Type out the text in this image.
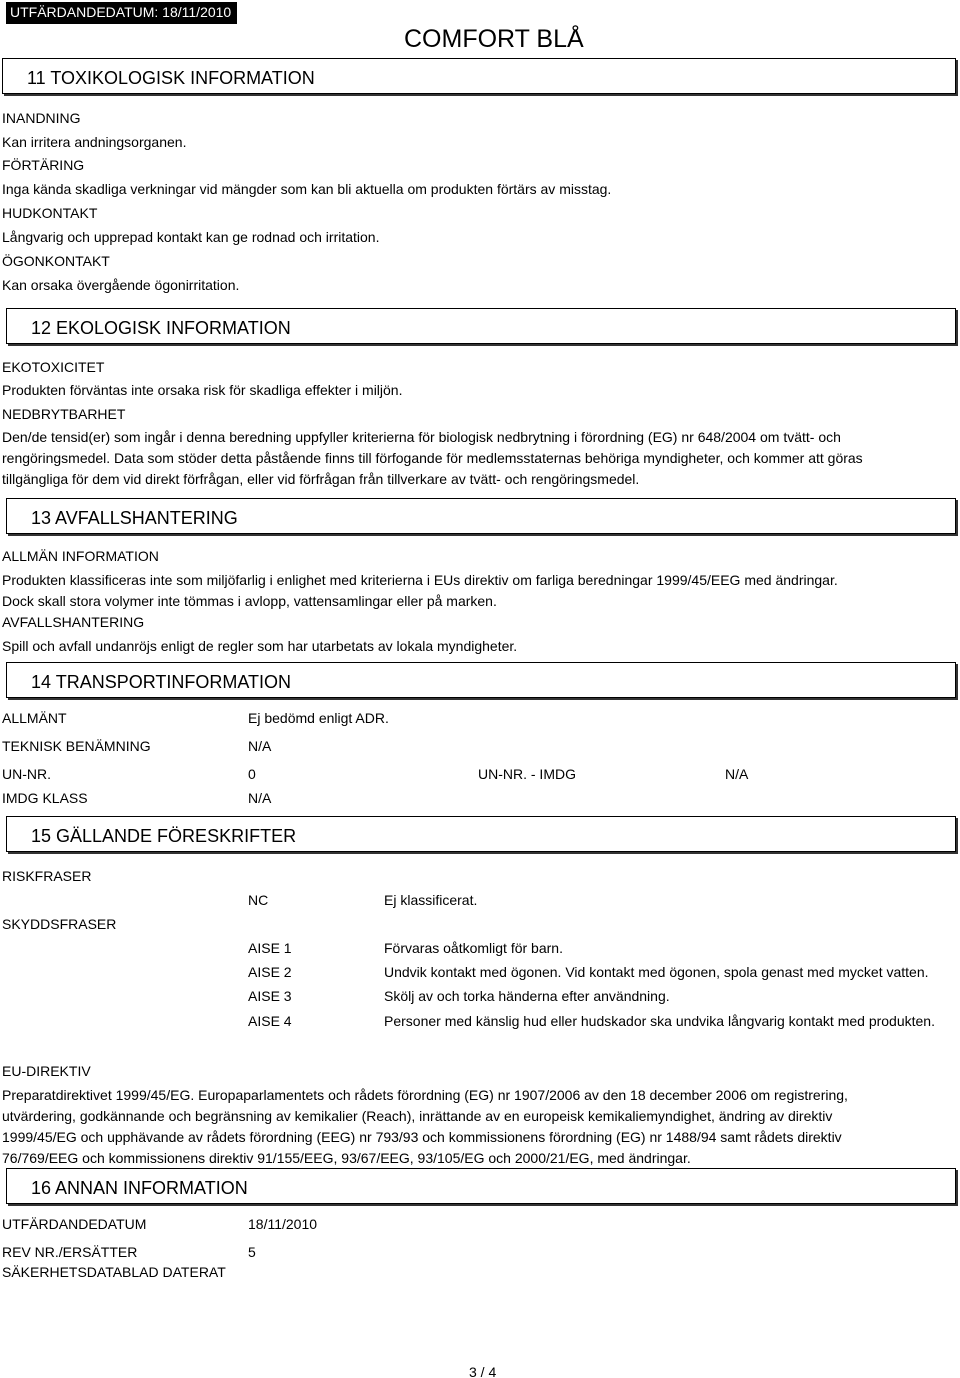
UTFÄRDANDEDATUM: 18/11/2010
COMFORT BLÅ
11 TOXIKOLOGISK INFORMATION
INANDNING
Kan irritera andningsorganen.
FÖRTÄRING
Inga kända skadliga verkningar vid mängder som kan bli aktuella om produkten förtärs av misstag.
HUDKONTAKT
Långvarig och upprepad kontakt kan ge rodnad och irritation.
ÖGONKONTAKT
Kan orsaka övergående ögonirritation.
12 EKOLOGISK INFORMATION
EKOTOXICITET
Produkten förväntas inte orsaka risk för skadliga effekter i miljön.
NEDBRYTBARHET
Den/de tensid(er) som ingår i denna beredning uppfyller kriterierna för biologisk nedbrytning i förordning (EG) nr 648/2004 om tvätt- och rengöringsmedel. Data som stöder detta påstående finns till förfogande för medlemsstaternas behöriga myndigheter, och kommer att göras tillgängliga för dem vid direkt förfrågan, eller vid förfrågan från tillverkare av tvätt- och rengöringsmedel.
13 AVFALLSHANTERING
ALLMÄN INFORMATION
Produkten klassificeras inte som miljöfarlig i enlighet med kriterierna i EUs direktiv om farliga beredningar 1999/45/EEG med ändringar.
Dock skall stora volymer inte tömmas i avlopp, vattensamlingar eller på marken.
AVFALLSHANTERING
Spill och avfall undanröjs enligt de regler som har utarbetats av lokala myndigheter.
14 TRANSPORTINFORMATION
ALLMÄNT	Ej bedömd enligt ADR.
TEKNISK BENÄMNING	N/A
UN-NR.	0	UN-NR. - IMDG	N/A
IMDG KLASS	N/A
15 GÄLLANDE FÖRESKRIFTER
RISKFRASER
NC	Ej klassificerat.
SKYDDSFRASER
AISE 1	Förvaras oåtkomligt för barn.
AISE 2	Undvik kontakt med ögonen. Vid kontakt med ögonen, spola genast med mycket vatten.
AISE 3	Skölj av och torka händerna efter användning.
AISE 4	Personer med känslig hud eller hudskador ska undvika långvarig kontakt med produkten.
EU-DIREKTIV
Preparatdirektivet 1999/45/EG. Europaparlamentets och rådets förordning (EG) nr 1907/2006 av den 18 december 2006 om registrering, utvärdering, godkännande och begränsning av kemikalier (Reach), inrättande av en europeisk kemikaliemyndighet, ändring av direktiv 1999/45/EG och upphävande av rådets förordning (EEG) nr 793/93 och kommissionens förordning (EG) nr 1488/94 samt rådets direktiv 76/769/EEG och kommissionens direktiv 91/155/EEG, 93/67/EEG, 93/105/EG och 2000/21/EG, med ändringar.
16 ANNAN INFORMATION
UTFÄRDANDEDATUM	18/11/2010
REV NR./ERSÄTTER	5
SÄKERHETSDATABLAD DATERAT
3 / 4
